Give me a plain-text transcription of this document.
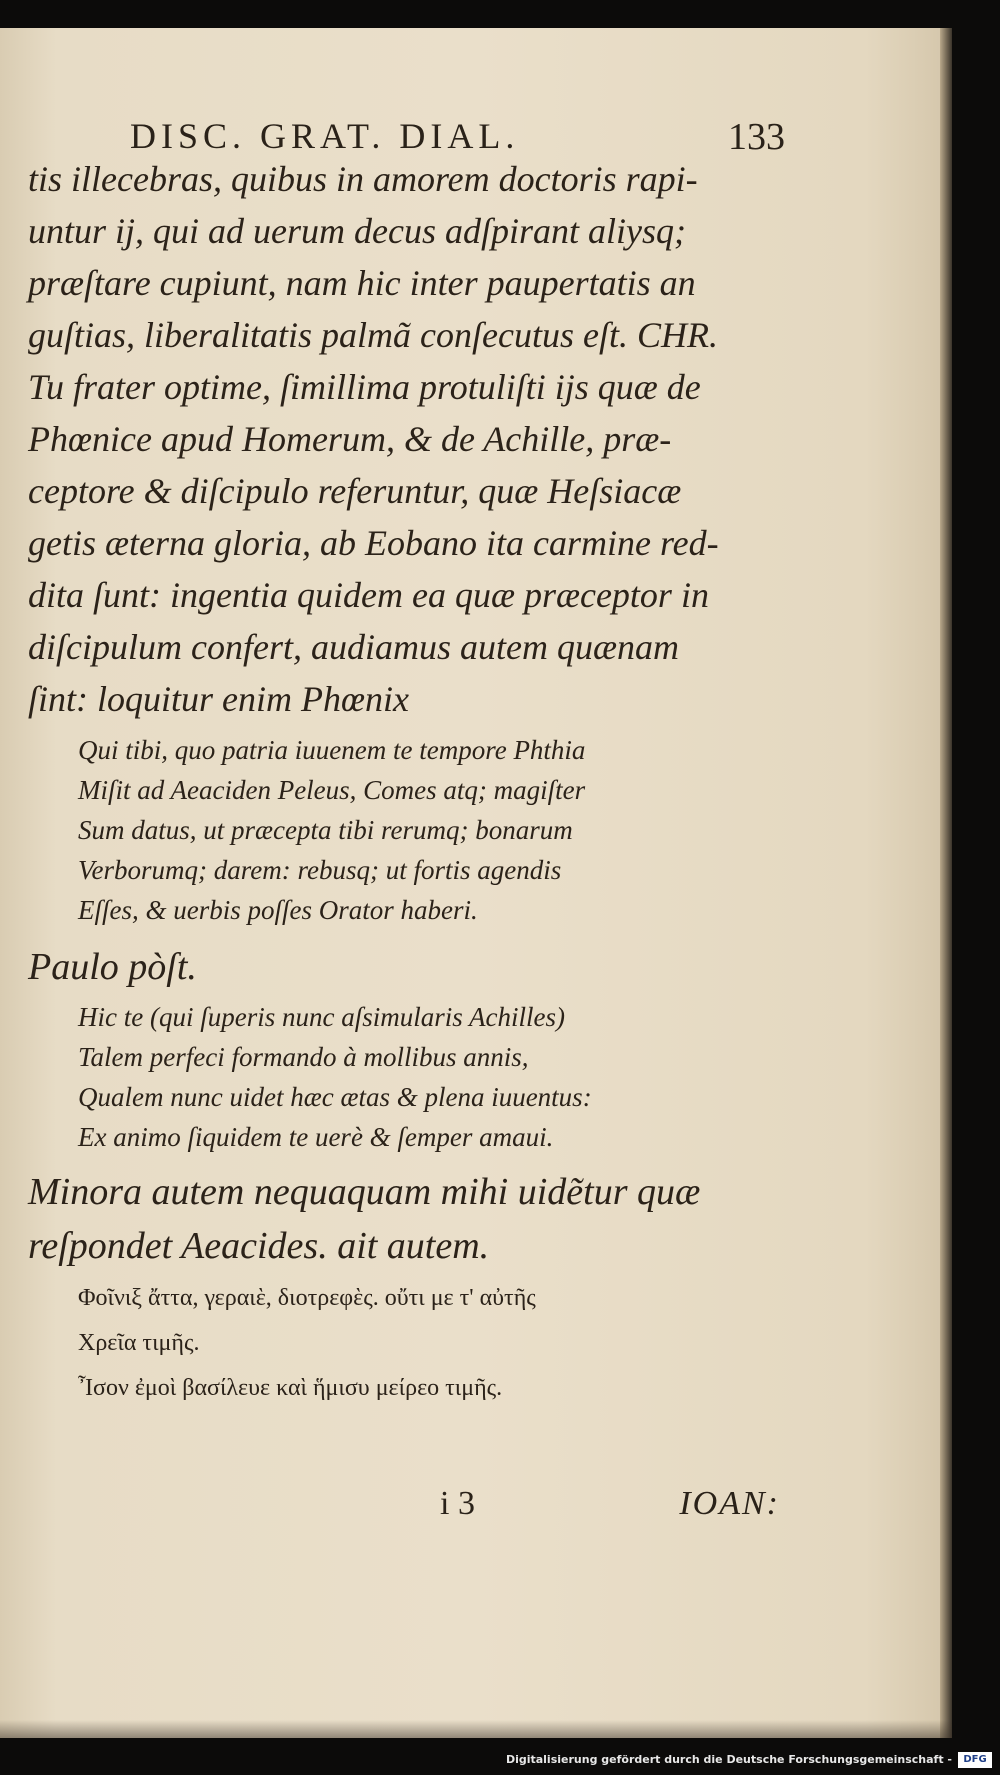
DISC. GRAT. DIAL.	133
tis illecebras, quibus in amorem doctoris rapi-
untur ij, qui ad uerum decus adſpirant aliysq;
præſtare cupiunt, nam hic inter paupertatis an
guſtias, liberalitatis palmã conſecutus eſt. CHR.
Tu frater optime, ſimillima protuliſti ijs quæ de
Phœnice apud Homerum, & de Achille, præ-
ceptore & diſcipulo referuntur, quæ Heſsiacæ
getis æterna gloria, ab Eobano ita carmine red-
dita ſunt: ingentia quidem ea quæ præceptor in
diſcipulum confert, audiamus autem quænam
ſint: loquitur enim Phœnix
Qui tibi, quo patria iuuenem te tempore Phthia
Miſit ad Aeaciden Peleus, Comes atq; magiſter
Sum datus, ut præcepta tibi rerumq; bonarum
Verborumq; darem: rebusq; ut fortis agendis
Eſſes, & uerbis poſſes Orator haberi.
Paulo pòſt.
Hic te (qui ſuperis nunc aſsimularis Achilles)
Talem perfeci formando à mollibus annis,
Qualem nunc uidet hæc ætas & plena iuuentus:
Ex animo ſiquidem te uerè & ſemper amaui.
Minora autem nequaquam mihi uidẽtur quæ
reſpondet Aeacides. ait autem.
Φοῖνιξ ἄττα, γεραιὲ, διοτρεφὲς. οὔτι με τ' αὐτῆς
Χρεῖα τιμῆς.
Ἶσον ἐμοὶ βασίλευε καὶ ἥμισυ μείρεο τιμῆς.
i 3	IOAN:
Digitalisierung gefördert durch die Deutsche Forschungsgemeinschaft -	DFG
